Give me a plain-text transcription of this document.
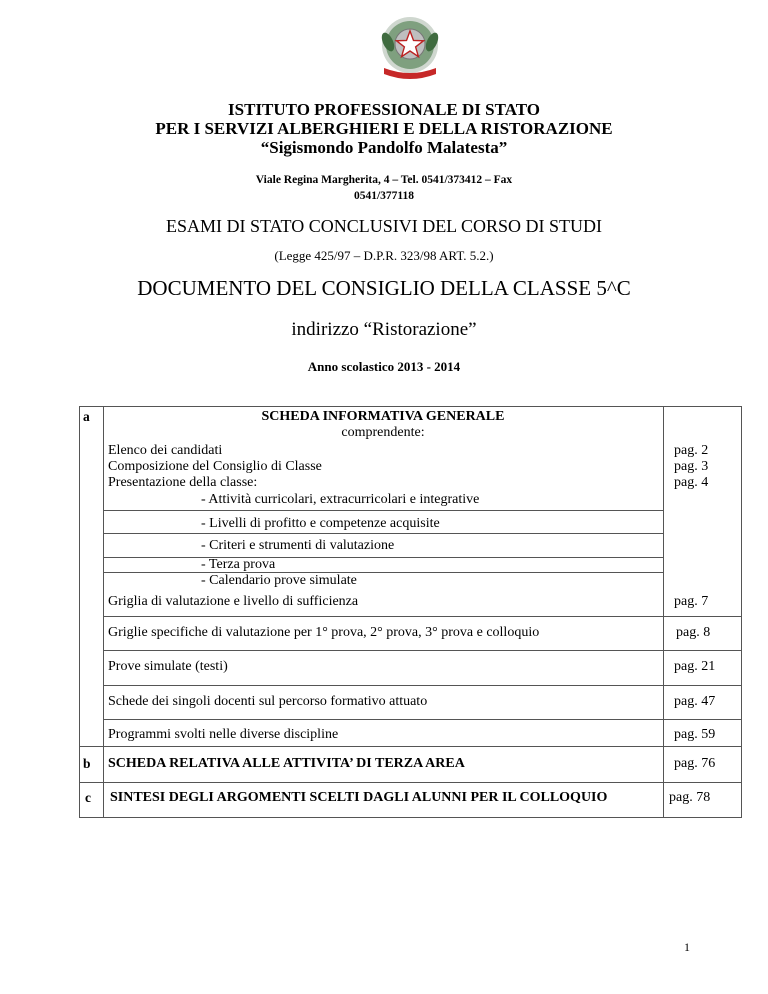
ISTITUTO PROFESSIONALE DI STATO
PER I SERVIZI ALBERGHIERI E DELLA RISTORAZIONE
“Sigismondo Pandolfo Malatesta”
Viale Regina Margherita, 4 – Tel. 0541/373412 – Fax
0541/377118
ESAMI DI STATO CONCLUSIVI DEL CORSO DI STUDI
(Legge 425/97 – D.P.R. 323/98 ART. 5.2.)
DOCUMENTO DEL CONSIGLIO DELLA CLASSE 5^C
indirizzo “Ristorazione”
Anno scolastico 2013 - 2014
a	SCHEDA INFORMATIVA GENERALE
comprendente:
Elenco dei candidati	pag. 2
Composizione del Consiglio di Classe	pag. 3
Presentazione della classe:	pag. 4
- Attività curricolari, extracurricolari e integrative
- Livelli di profitto e competenze acquisite
- Criteri e strumenti di valutazione
- Terza prova
- Calendario prove simulate
Griglia di valutazione e livello di sufficienza	pag. 7
Griglie specifiche di valutazione per 1° prova, 2° prova, 3° prova e colloquio	pag. 8
Prove simulate (testi)	pag. 21
Schede dei singoli docenti sul percorso formativo attuato	pag. 47
Programmi svolti nelle diverse discipline	pag. 59
b SCHEDA RELATIVA ALLE ATTIVITA’ DI TERZA AREA	pag. 76
c SINTESI DEGLI ARGOMENTI SCELTI DAGLI ALUNNI PER IL COLLOQUIO	pag. 78
1
